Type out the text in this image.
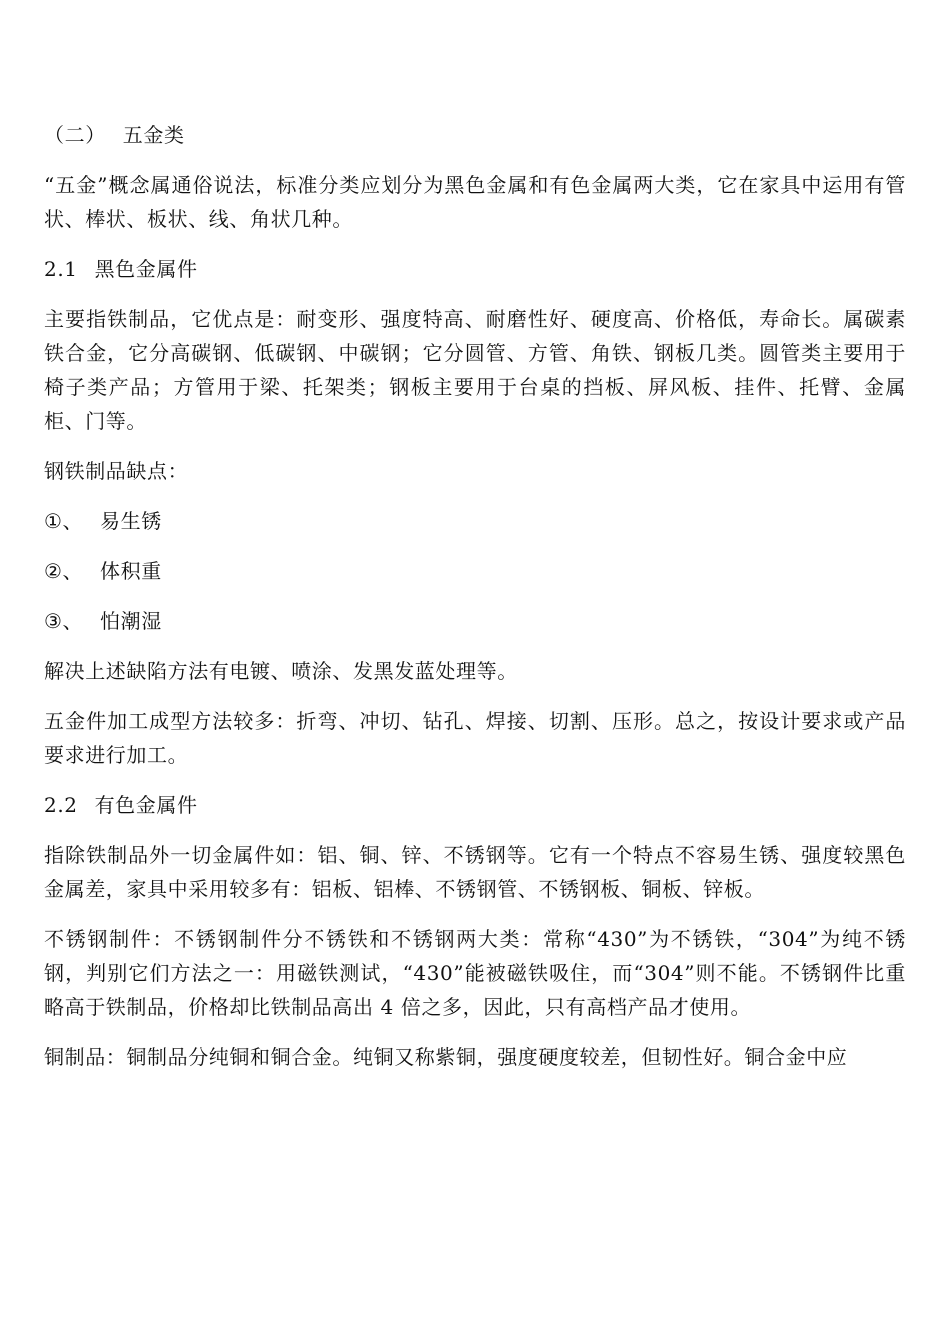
（二） 五金类

“五金”概念属通俗说法，标准分类应划分为黑色金属和有色金属两大类，它在家具中运用有管状、棒状、板状、线、角状几种。

2.1 黑色金属件

主要指铁制品，它优点是：耐变形、强度特高、耐磨性好、硬度高、价格低，寿命长。属碳素铁合金，它分高碳钢、低碳钢、中碳钢；它分圆管、方管、角铁、钢板几类。圆管类主要用于椅子类产品；方管用于梁、托架类；钢板主要用于台桌的挡板、屏风板、挂件、托臂、金属柜、门等。

钢铁制品缺点：

①、 易生锈
②、 体积重
③、 怕潮湿

解决上述缺陷方法有电镀、喷涂、发黑发蓝处理等。

五金件加工成型方法较多：折弯、冲切、钻孔、焊接、切割、压形。总之，按设计要求或产品要求进行加工。

2.2 有色金属件

指除铁制品外一切金属件如：铝、铜、锌、不锈钢等。它有一个特点不容易生锈、强度较黑色金属差，家具中采用较多有：铝板、铝棒、不锈钢管、不锈钢板、铜板、锌板。

不锈钢制件：不锈钢制件分不锈铁和不锈钢两大类：常称“430”为不锈铁，“304”为纯不锈钢，判别它们方法之一：用磁铁测试，“430”能被磁铁吸住，而“304”则不能。不锈钢件比重略高于铁制品，价格却比铁制品高出 4 倍之多，因此，只有高档产品才使用。

铜制品：铜制品分纯铜和铜合金。纯铜又称紫铜，强度硬度较差，但韧性好。铜合金中应
